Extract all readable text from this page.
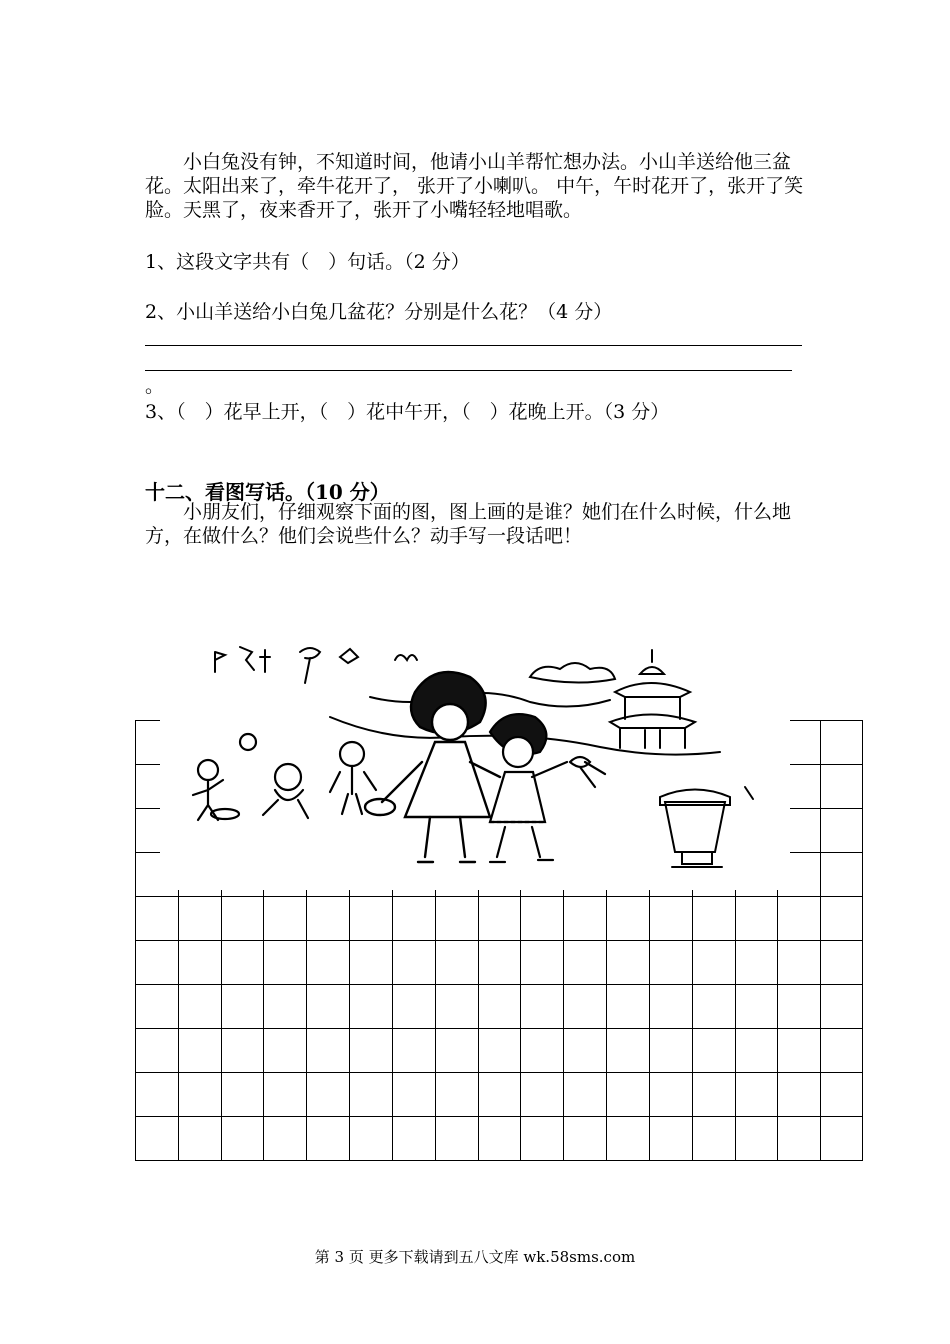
　　小白兔没有钟，不知道时间，他请小山羊帮忙想办法。小山羊送给他三盆花。太阳出来了，牵牛花开了， 张开了小喇叭。 中午，午时花开了，张开了笑脸。天黑了，夜来香开了，张开了小嘴轻轻地唱歌。
1、这段文字共有（　）句话。（2 分）
2、小山羊送给小白兔几盆花？分别是什么花？（4 分）
。
3、（　）花早上开，（　）花中午开，（　）花晚上开。（3 分）
十二、看图写话。（10 分）
　　小朋友们，仔细观察下面的图，图上画的是谁？她们在什么时候，什么地方，在做什么？他们会说些什么？动手写一段话吧！
第 3 页 更多下载请到五八文库 wk.58sms.com
